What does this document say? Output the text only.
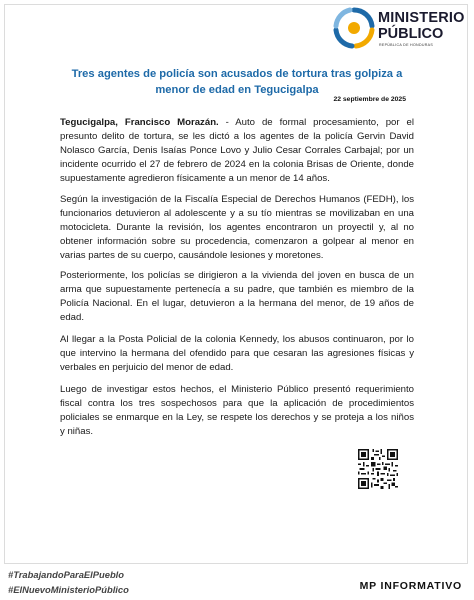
MINISTERIO
PÚBLICO
REPÚBLICA DE HONDURAS
Tres agentes de policía son acusados de tortura tras golpiza a menor de edad en Tegucigalpa
22 septiembre de 2025

Tegucigalpa, Francisco Morazán. - Auto de formal procesamiento, por el presunto delito de tortura, se les dictó a los agentes de la policía Gervin David Nolasco García, Denis Isaías Ponce Lovo y Julio Cesar Corrales Carbajal; por un incidente ocurrido el 27 de febrero de 2024 en la colonia Brisas de Oriente, donde supuestamente agredieron físicamente a un menor de 14 años.

Según la investigación de la Fiscalía Especial de Derechos Humanos (FEDH), los funcionarios detuvieron al adolescente y a su tío mientras se movilizaban en una motocicleta. Durante la revisión, los agentes encontraron un proyectil y, al no obtener información sobre su procedencia, comenzaron a golpear al menor en varias partes de su cuerpo, causándole lesiones y moretones.

Posteriormente, los policías se dirigieron a la vivienda del joven en busca de un arma que supuestamente pertenecía a su padre, que también es miembro de la Policía Nacional. En el lugar, detuvieron a la hermana del menor, de 19 años de edad.

Al llegar a la Posta Policial de la colonia Kennedy, los abusos continuaron, por lo que intervino la hermana del ofendido para que cesaran las agresiones físicas y verbales en perjuicio del menor de edad.

Luego de investigar estos hechos, el Ministerio Público presentó requerimiento fiscal contra los tres sospechosos para que la aplicación de procedimientos policiales se enmarque en la Ley, se respete los derechos y se proteja a los niños y niñas.

#TrabajandoParaElPueblo
#ElNuevoMinisterioPúblico	MP INFORMATIVO
